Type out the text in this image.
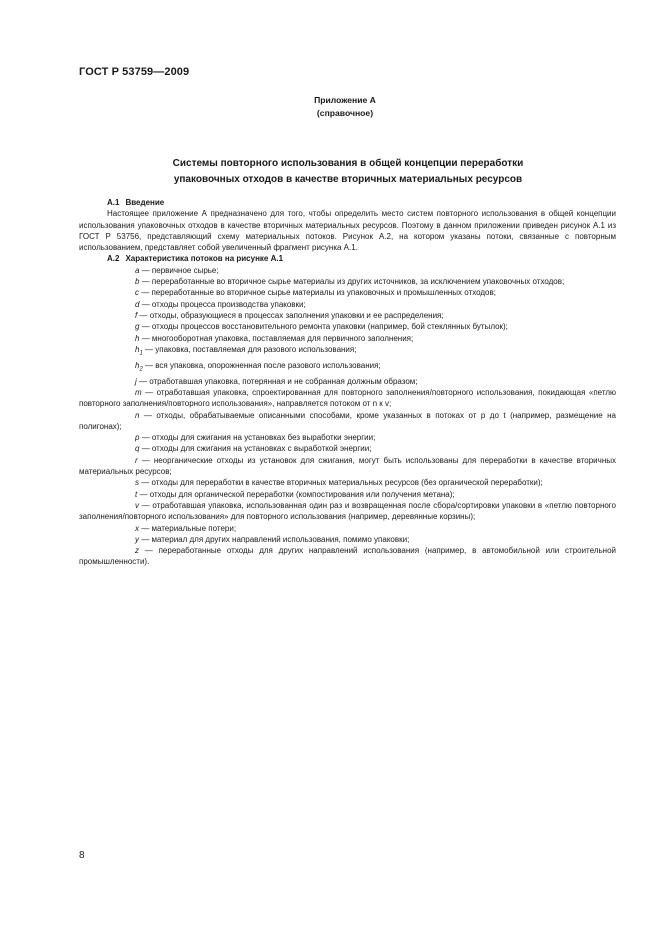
ГОСТ Р 53759—2009
Приложение А
(справочное)
Системы повторного использования в общей концепции переработки
упаковочных отходов в качестве вторичных материальных ресурсов

А.1 Введение

Настоящее приложение А предназначено для того, чтобы определить место систем повторного использования в общей концепции использования упаковочных отходов в качестве вторичных материальных ресурсов. Поэтому в данном приложении приведен рисунок А.1 из ГОСТ Р 53756, представляющий схему материальных потоков. Рисунок А.2, на котором указаны потоки, связанные с повторным использованием, представляет собой увеличенный фрагмент рисунка А.1.

А.2 Характеристика потоков на рисунке А.1

a — первичное сырье;

b — переработанные во вторичное сырье материалы из других источников, за исключением упаковочных отходов;

c — переработанные во вторичное сырье материалы из упаковочных и промышленных отходов;

d — отходы процесса производства упаковки;

f — отходы, образующиеся в процессах заполнения упаковки и ее распределения;

g — отходы процессов восстановительного ремонта упаковки (например, бой стеклянных бутылок);

h — многооборотная упаковка, поставляемая для первичного заполнения;

$h_1$ — упаковка, поставляемая для разового использования;

$h_2$ — вся упаковка, опорожненная после разового использования;

j — отработавшая упаковка, потерянная и не собранная должным образом;

m — отработавшая упаковка, спроектированная для повторного заполнения/повторного использования, покидающая «петлю повторного заполнения/повторного использования», направляется потоком от n к v;

n — отходы, обрабатываемые описанными способами, кроме указанных в потоках от p до t (например, размещение на полигонах);

p — отходы для сжигания на установках без выработки энергии;

q — отходы для сжигания на установках с выработкой энергии;

r — неорганические отходы из установок для сжигания, могут быть использованы для переработки в качестве вторичных материальных ресурсов;

s — отходы для переработки в качестве вторичных материальных ресурсов (без органической переработки);

t — отходы для органической переработки (компостирования или получения метана);

v — отработавшая упаковка, использованная один раз и возвращенная после сбора/сортировки упаковки в «петлю повторного заполнения/повторного использования» для повторного использования (например, деревянные корзины);

x — материальные потери;

y — материал для других направлений использования, помимо упаковки;

z — переработанные отходы для других направлений использования (например, в автомобильной или строительной промышленности).

8
